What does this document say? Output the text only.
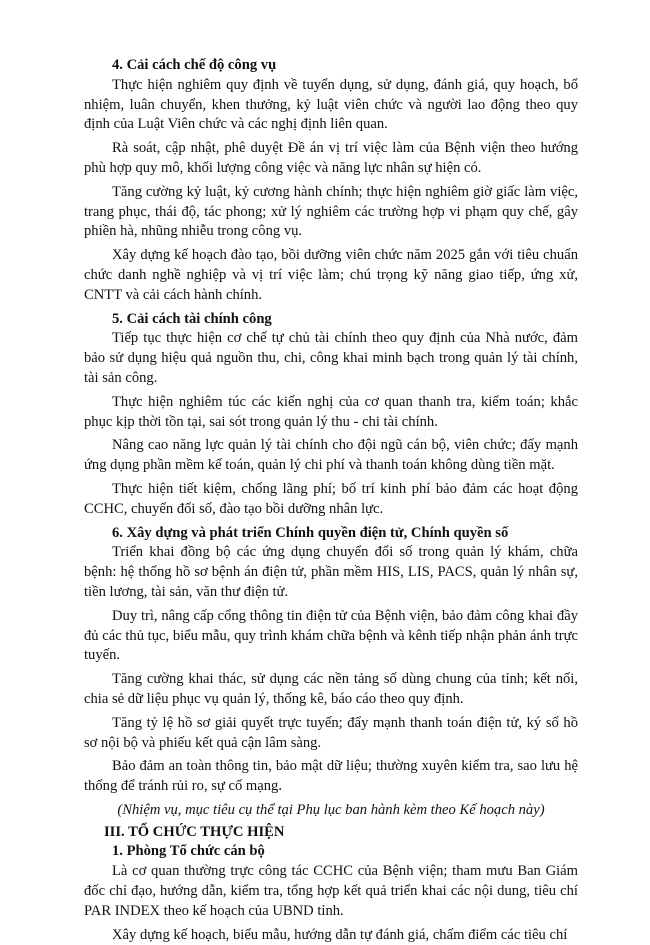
4. Cải cách chế độ công vụ

Thực hiện nghiêm quy định về tuyển dụng, sử dụng, đánh giá, quy hoạch, bổ nhiệm, luân chuyển, khen thưởng, kỷ luật viên chức và người lao động theo quy định của Luật Viên chức và các nghị định liên quan.

Rà soát, cập nhật, phê duyệt Đề án vị trí việc làm của Bệnh viện theo hướng phù hợp quy mô, khối lượng công việc và năng lực nhân sự hiện có.

Tăng cường kỷ luật, kỷ cương hành chính; thực hiện nghiêm giờ giấc làm việc, trang phục, thái độ, tác phong; xử lý nghiêm các trường hợp vi phạm quy chế, gây phiền hà, nhũng nhiễu trong công vụ.

Xây dựng kế hoạch đào tạo, bồi dưỡng viên chức năm 2025 gắn với tiêu chuẩn chức danh nghề nghiệp và vị trí việc làm; chú trọng kỹ năng giao tiếp, ứng xử, CNTT và cải cách hành chính.

5. Cải cách tài chính công

Tiếp tục thực hiện cơ chế tự chủ tài chính theo quy định của Nhà nước, đảm bảo sử dụng hiệu quả nguồn thu, chi, công khai minh bạch trong quản lý tài chính, tài sản công.

Thực hiện nghiêm túc các kiến nghị của cơ quan thanh tra, kiểm toán; khắc phục kịp thời tồn tại, sai sót trong quản lý thu - chi tài chính.

Nâng cao năng lực quản lý tài chính cho đội ngũ cán bộ, viên chức; đẩy mạnh ứng dụng phần mềm kế toán, quản lý chi phí và thanh toán không dùng tiền mặt.

Thực hiện tiết kiệm, chống lãng phí; bố trí kinh phí bảo đảm các hoạt động CCHC, chuyển đổi số, đào tạo bồi dưỡng nhân lực.

6. Xây dựng và phát triển Chính quyền điện tử, Chính quyền số

Triển khai đồng bộ các ứng dụng chuyển đổi số trong quản lý khám, chữa bệnh: hệ thống hồ sơ bệnh án điện tử, phần mềm HIS, LIS, PACS, quản lý nhân sự, tiền lương, tài sản, văn thư điện tử.

Duy trì, nâng cấp cổng thông tin điện tử của Bệnh viện, bảo đảm công khai đầy đủ các thủ tục, biểu mẫu, quy trình khám chữa bệnh và kênh tiếp nhận phản ánh trực tuyến.

Tăng cường khai thác, sử dụng các nền tảng số dùng chung của tỉnh; kết nối, chia sẻ dữ liệu phục vụ quản lý, thống kê, báo cáo theo quy định.

Tăng tỷ lệ hồ sơ giải quyết trực tuyến; đẩy mạnh thanh toán điện tử, ký số hồ sơ nội bộ và phiếu kết quả cận lâm sàng.

Bảo đảm an toàn thông tin, bảo mật dữ liệu; thường xuyên kiểm tra, sao lưu hệ thống để tránh rủi ro, sự cố mạng.

(Nhiệm vụ, mục tiêu cụ thể tại Phụ lục ban hành kèm theo Kế hoạch này)

III. TỔ CHỨC THỰC HIỆN
1. Phòng Tổ chức cán bộ

Là cơ quan thường trực công tác CCHC của Bệnh viện; tham mưu Ban Giám đốc chỉ đạo, hướng dẫn, kiểm tra, tổng hợp kết quả triển khai các nội dung, tiêu chí PAR INDEX theo kế hoạch của UBND tỉnh.

Xây dựng kế hoạch, biểu mẫu, hướng dẫn tự đánh giá, chấm điểm các tiêu chí
